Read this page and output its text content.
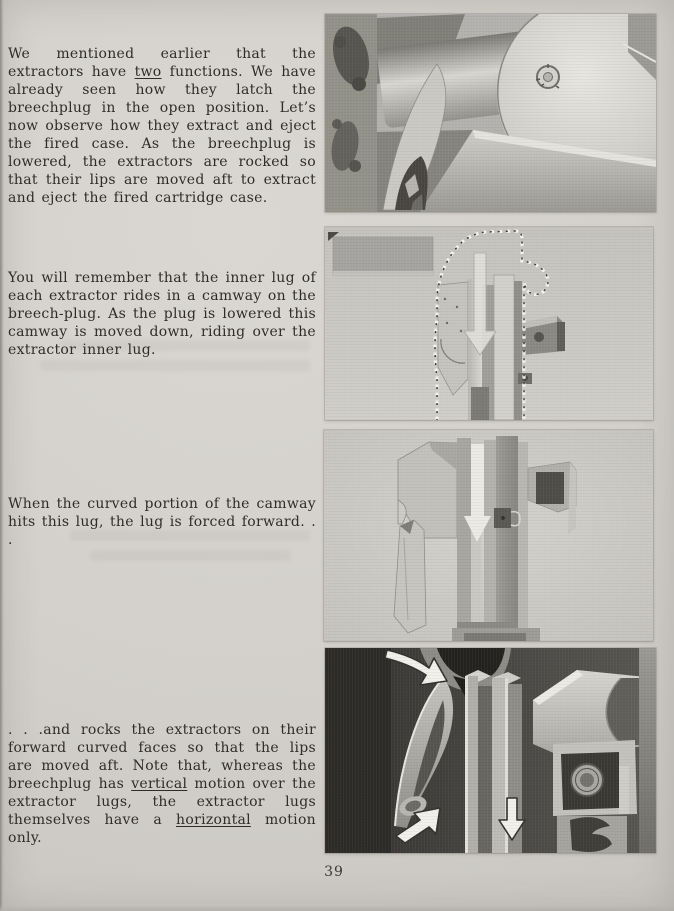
We mentioned earlier that the extractors have two functions. We have already seen how they latch the breechplug in the open position. Let’s now observe how they extract and eject the fired case. As the breechplug is lowered, the extractors are rocked so that their lips are moved aft to extract and eject the fired cartridge case.

You will remember that the inner lug of each extractor rides in a camway on the breech-plug. As the plug is lowered this camway is moved down, riding over the extractor inner lug.

When the curved portion of the camway hits this lug, the lug is forced forward. . .

. . .and rocks the extractors on their forward curved faces so that the lips are moved aft. Note that, whereas the breechplug has vertical motion over the extractor lugs, the extractor lugs themselves have a horizontal motion only.

39
